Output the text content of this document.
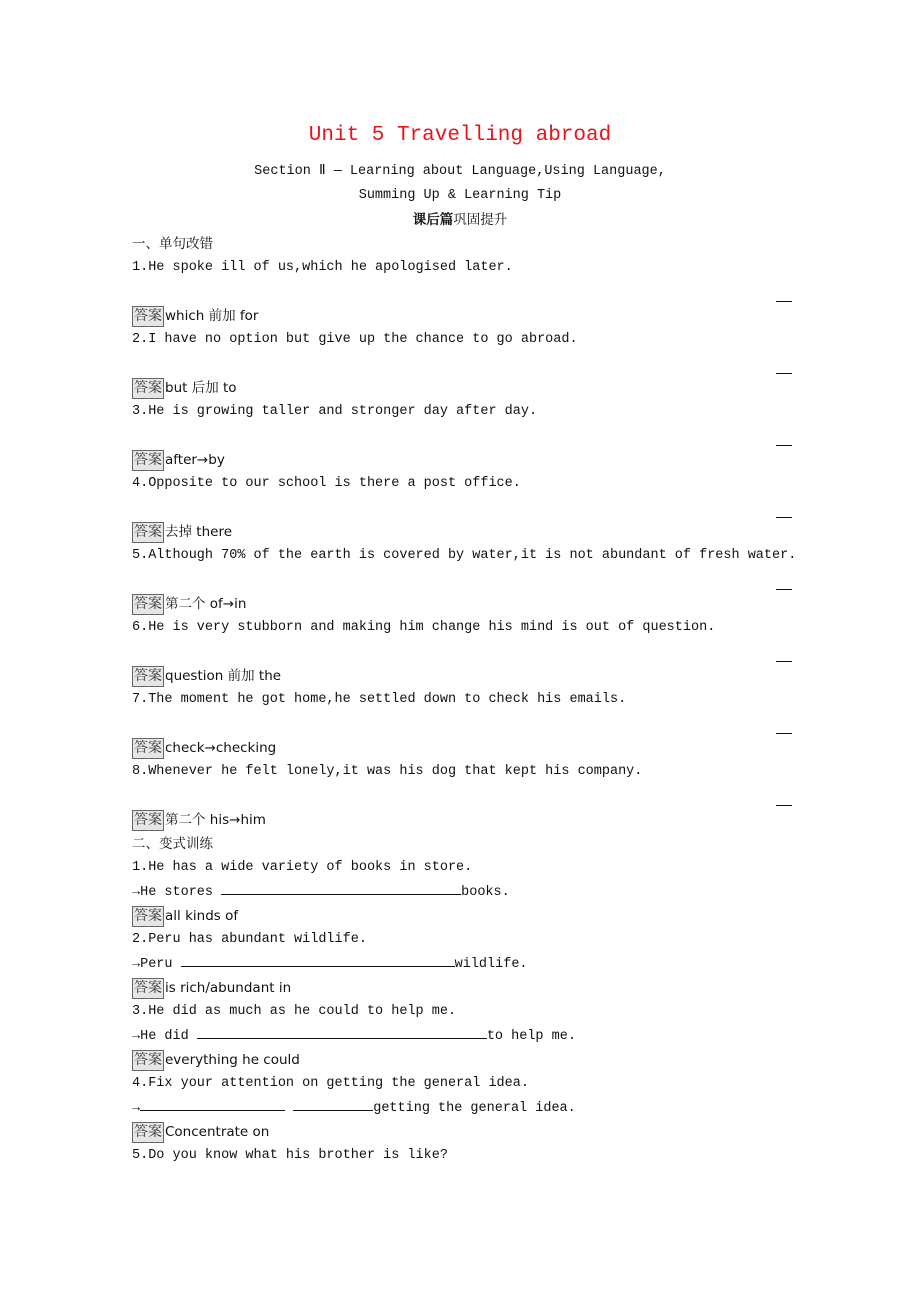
Unit 5 Travelling abroad
Section Ⅱ — Learning about Language,Using Language,
Summing Up & Learning Tip
课后篇巩固提升
一、单句改错
1.He spoke ill of us,which he apologised later.
答案 which 前加 for
2.I have no option but give up the chance to go abroad.
答案 but 后加 to
3.He is growing taller and stronger day after day.
答案 after→by
4.Opposite to our school is there a post office.
答案 去掉 there
5.Although 70% of the earth is covered by water,it is not abundant of fresh water.
答案 第二个 of→in
6.He is very stubborn and making him change his mind is out of question.
答案 question 前加 the
7.The moment he got home,he settled down to check his emails.
答案 check→checking
8.Whenever he felt lonely,it was his dog that kept his company.
答案 第二个 his→him
二、变式训练
1.He has a wide variety of books in store.
→He stores	books.
答案 all kinds of
2.Peru has abundant wildlife.
→Peru	wildlife.
答案 is rich/abundant in
3.He did as much as he could to help me.
→He did	to help me.
答案 everything he could
4.Fix your attention on getting the general idea.
→	getting the general idea.
答案 Concentrate on
5.Do you know what his brother is like?
